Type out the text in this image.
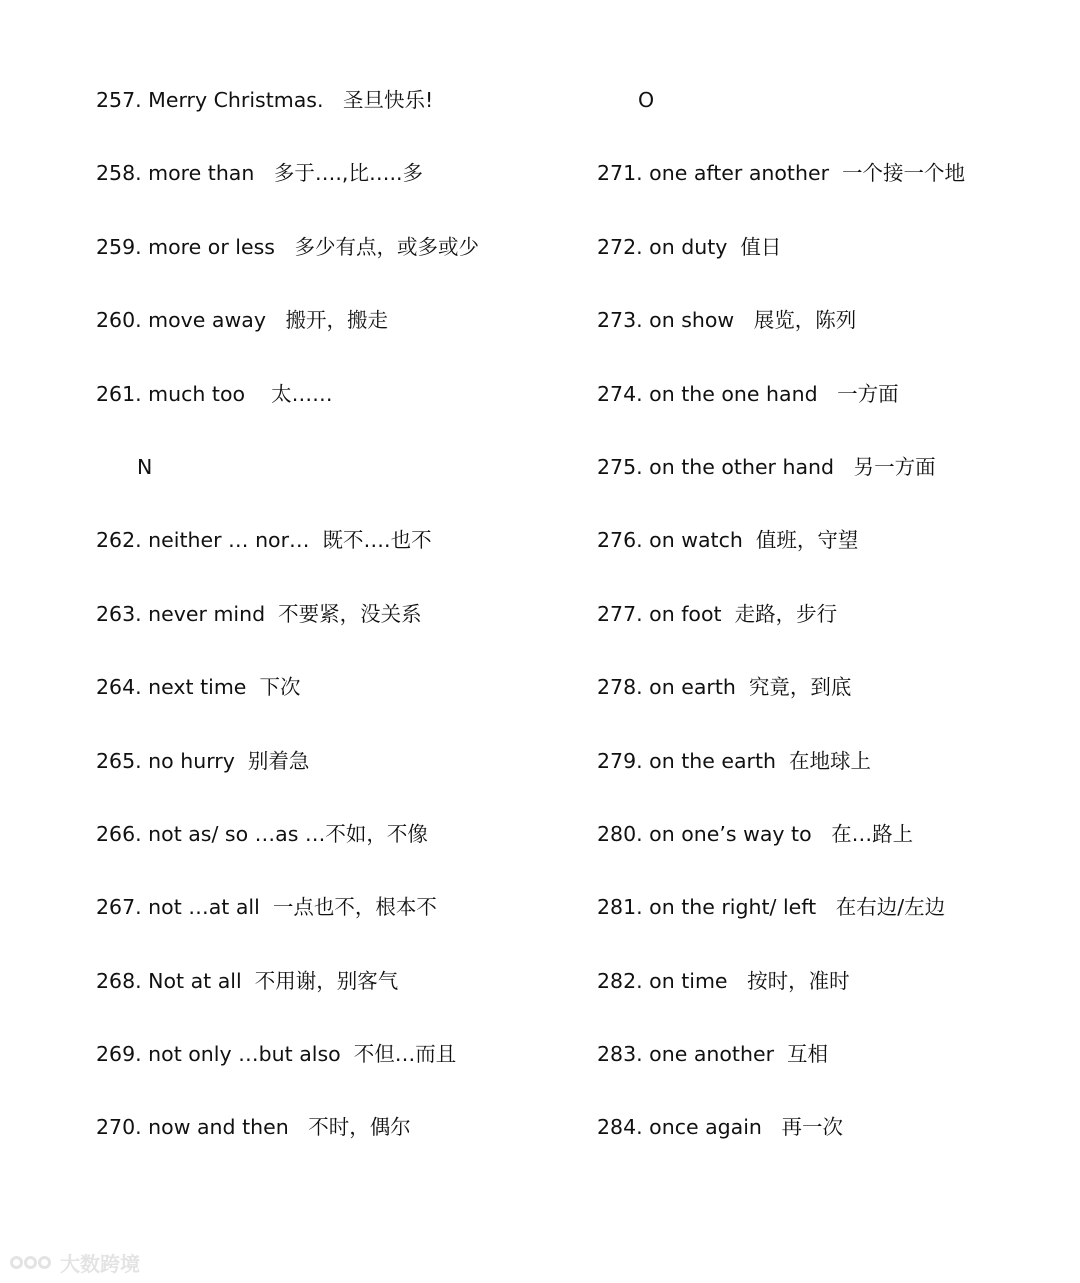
257. Merry Christmas.   圣旦快乐!
258. more than   多于….,比…..多
259. more or less   多少有点，或多或少
260. move away   搬开，搬走
261. much too    太……
N
262. neither … nor…  既不….也不
263. never mind  不要紧，没关系
264. next time  下次
265. no hurry  别着急
266. not as/ so …as …不如，不像
267. not …at all  一点也不，根本不
268. Not at all  不用谢，别客气
269. not only …but also  不但…而且
270. now and then   不时，偶尔
O
271. one after another  一个接一个地
272. on duty  值日
273. on show   展览，陈列
274. on the one hand   一方面
275. on the other hand   另一方面
276. on watch  值班，守望
277. on foot  走路，步行
278. on earth  究竟，到底
279. on the earth  在地球上
280. on one’s way to   在…路上
281. on the right/ left   在右边/左边
282. on time   按时，准时
283. one another  互相
284. once again   再一次
大数跨境
